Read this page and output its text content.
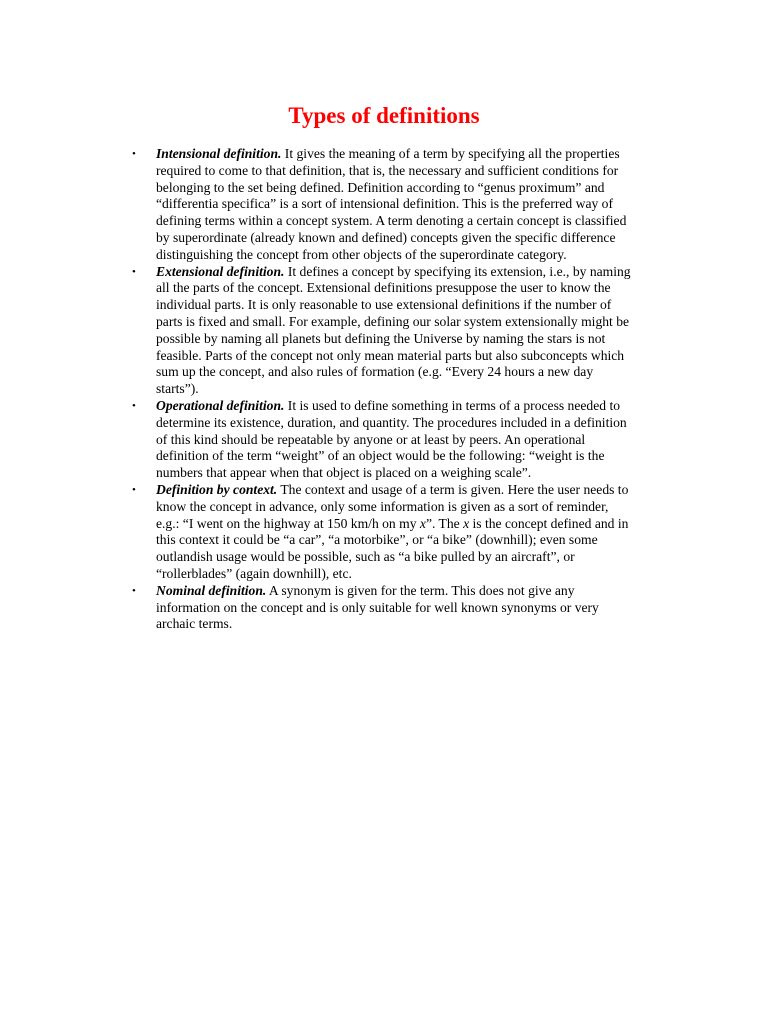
Types of definitions
• Intensional definition. It gives the meaning of a term by specifying all the properties required to come to that definition, that is, the necessary and sufficient conditions for belonging to the set being defined. Definition according to “genus proximum” and “differentia specifica” is a sort of intensional definition. This is the preferred way of defining terms within a concept system. A term denoting a certain concept is classified by superordinate (already known and defined) concepts given the specific difference distinguishing the concept from other objects of the superordinate category.
• Extensional definition. It defines a concept by specifying its extension, i.e., by naming all the parts of the concept. Extensional definitions presuppose the user to know the individual parts. It is only reasonable to use extensional definitions if the number of parts is fixed and small. For example, defining our solar system extensionally might be possible by naming all planets but defining the Universe by naming the stars is not feasible. Parts of the concept not only mean material parts but also subconcepts which sum up the concept, and also rules of formation (e.g. “Every 24 hours a new day starts”).
• Operational definition. It is used to define something in terms of a process needed to determine its existence, duration, and quantity. The procedures included in a definition of this kind should be repeatable by anyone or at least by peers. An operational definition of the term “weight” of an object would be the following: “weight is the numbers that appear when that object is placed on a weighing scale”.
• Definition by context. The context and usage of a term is given. Here the user needs to know the concept in advance, only some information is given as a sort of reminder, e.g.: “I went on the highway at 150 km/h on my x”. The x is the concept defined and in this context it could be “a car”, “a motorbike”, or “a bike” (downhill); even some outlandish usage would be possible, such as “a bike pulled by an aircraft”, or “rollerblades” (again downhill), etc.
• Nominal definition. A synonym is given for the term. This does not give any information on the concept and is only suitable for well known synonyms or very archaic terms.
